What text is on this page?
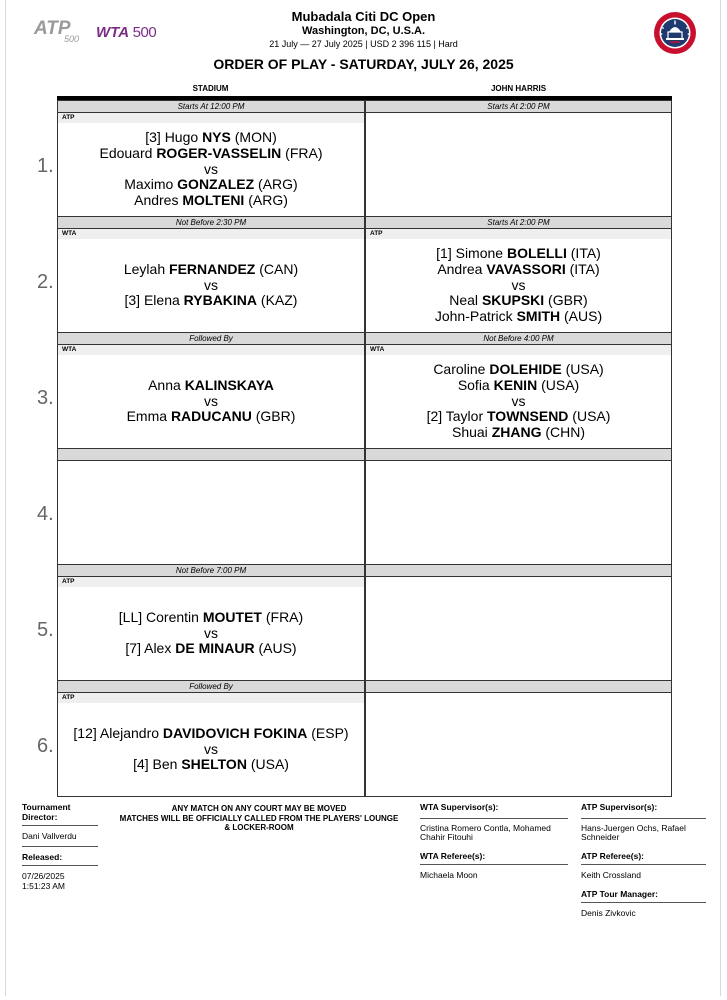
ATP
500 WTA 500
Mubadala Citi DC Open
Washington, DC, U.S.A.
21 July — 27 July 2025 | USD 2 396 115 | Hard
ORDER OF PLAY - SATURDAY, JULY 26, 2025
STADIUM	JOHN HARRIS
Starts At 12:00 PM
ATP
[3] Hugo NYS (MON)
Edouard ROGER-VASSELIN (FRA)
vs
Maximo GONZALEZ (ARG)
Andres MOLTENI (ARG)
Starts At 2:00 PM
Not Before 2:30 PM
WTA
Leylah FERNANDEZ (CAN)
vs
[3] Elena RYBAKINA (KAZ)
Starts At 2:00 PM
ATP
[1] Simone BOLELLI (ITA)
Andrea VAVASSORI (ITA)
vs
Neal SKUPSKI (GBR)
John-Patrick SMITH (AUS)
Followed By
WTA
Anna KALINSKAYA
vs
Emma RADUCANU (GBR)
Not Before 4:00 PM
WTA
Caroline DOLEHIDE (USA)
Sofia KENIN (USA)
vs
[2] Taylor TOWNSEND (USA)
Shuai ZHANG (CHN)
Not Before 7:00 PM
ATP
[LL] Corentin MOUTET (FRA)
vs
[7] Alex DE MINAUR (AUS)
Followed By
ATP
[12] Alejandro DAVIDOVICH FOKINA (ESP)
vs
[4] Ben SHELTON (USA)
Tournament Director:
Dani Vallverdu
Released:
07/26/2025
1:51:23 AM
ANY MATCH ON ANY COURT MAY BE MOVED
MATCHES WILL BE OFFICIALLY CALLED FROM THE PLAYERS' LOUNGE
& LOCKER-ROOM
WTA Supervisor(s):
Cristina Romero Contla, Mohamed Chahir Fitouhi
WTA Referee(s):
Michaela Moon
ATP Supervisor(s):
Hans-Juergen Ochs, Rafael Schneider
ATP Referee(s):
Keith Crossland
ATP Tour Manager:
Denis Zivkovic
1.
2.
3.
4.
5.
6.
